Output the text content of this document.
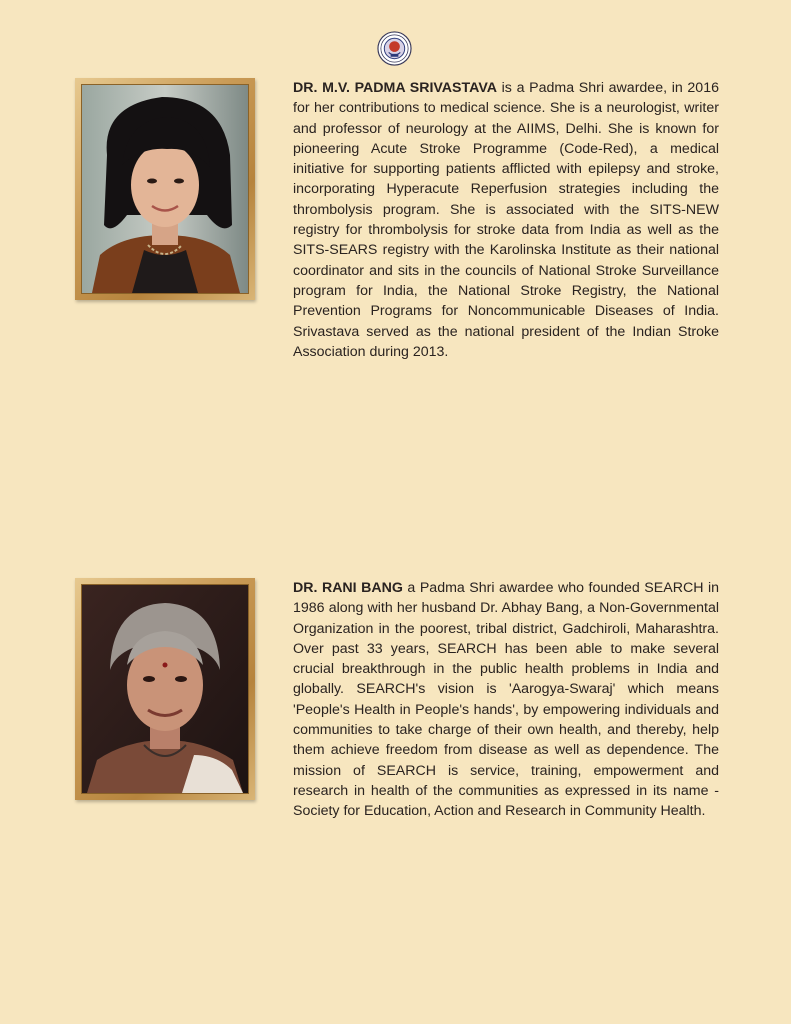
DR. M.V. PADMA SRIVASTAVA is a Padma Shri awardee, in 2016 for her contributions to medical science. She is a neurologist, writer and professor of neurology at the AIIMS, Delhi. She is known for pioneering Acute Stroke Programme (Code-Red), a medical initiative for supporting patients afflicted with epilepsy and stroke, incorporating Hyperacute Reperfusion strategies including the thrombolysis program. She is associated with the SITS-NEW registry for thrombolysis for stroke data from India as well as the SITS-SEARS registry with the Karolinska Institute as their national coordinator and sits in the councils of National Stroke Surveillance program for India, the National Stroke Registry, the National Prevention Programs for Noncommunicable Diseases of India. Srivastava served as the national president of the Indian Stroke Association during 2013.

DR. RANI BANG a Padma Shri awardee who founded SEARCH in 1986 along with her husband Dr. Abhay Bang, a Non-Governmental Organization in the poorest, tribal district, Gadchiroli, Maharashtra. Over past 33 years, SEARCH has been able to make several crucial breakthrough in the public health problems in India and globally. SEARCH's vision is 'Aarogya-Swaraj' which means 'People's Health in People's hands', by empowering individuals and communities to take charge of their own health, and thereby, help them achieve freedom from disease as well as dependence. The mission of SEARCH is service, training, empowerment and research in health of the communities as expressed in its name - Society for Education, Action and Research in Community Health.
